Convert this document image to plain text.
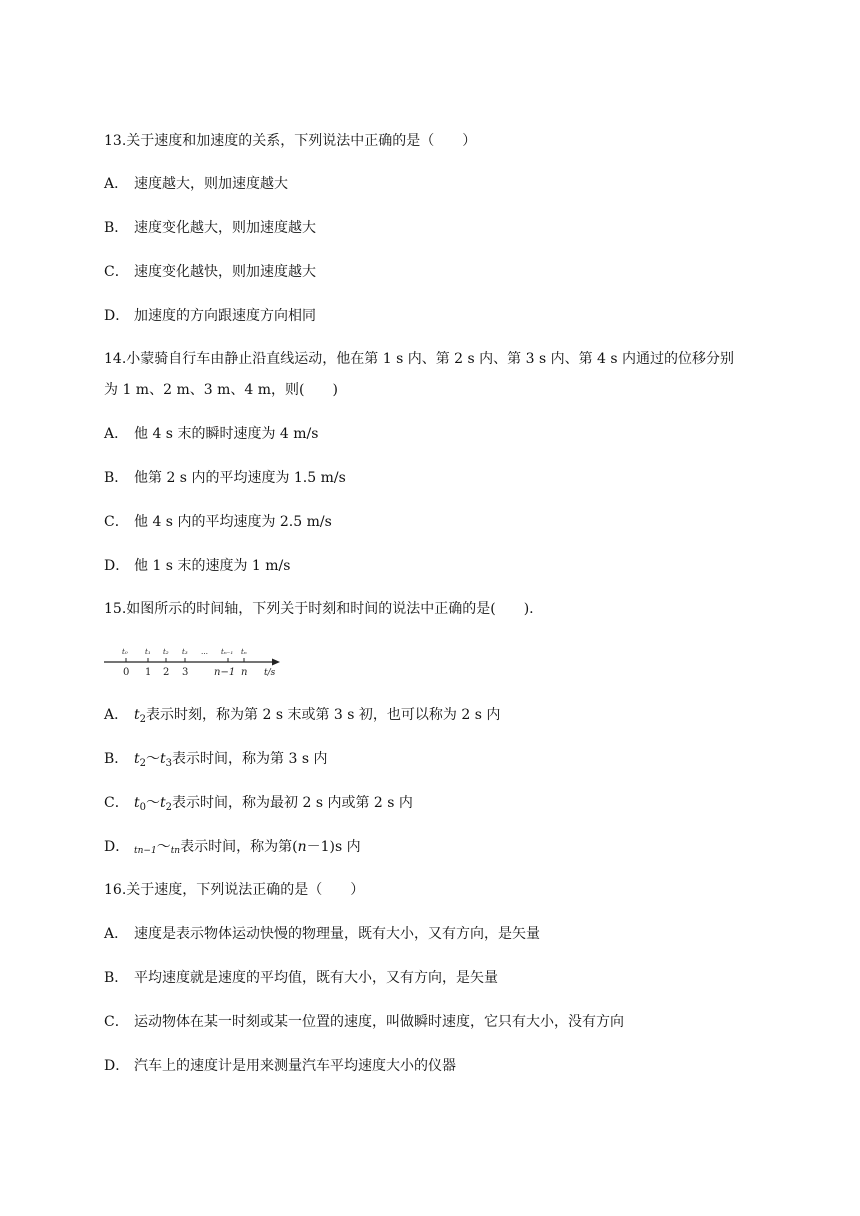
13.关于速度和加速度的关系，下列说法中正确的是（　　）
A． 速度越大，则加速度越大
B． 速度变化越大，则加速度越大
C． 速度变化越快，则加速度越大
D． 加速度的方向跟速度方向相同
14.小蒙骑自行车由静止沿直线运动，他在第 1 s 内、第 2 s 内、第 3 s 内、第 4 s 内通过的位移分别
为 1 m、2 m、3 m、4 m，则(　　)
A． 他 4 s 末的瞬时速度为 4 m/s
B． 他第 2 s 内的平均速度为 1.5 m/s
C． 他 4 s 内的平均速度为 2.5 m/s
D． 他 1 s 末的速度为 1 m/s
15.如图所示的时间轴，下列关于时刻和时间的说法中正确的是(　　).
t₀ t₁ t₂ t₃ … tₙ₋₁ tₙ
0 1 2 3	n−1 n t/s
A． $t_2$表示时刻，称为第 2 s 末或第 3 s 初，也可以称为 2 s 内
B． $t_2\sim t_3$表示时间，称为第 3 s 内
C． $t_0\sim t_2$表示时间，称为最初 2 s 内或第 2 s 内
D． tn−1～tn表示时间，称为第(n－1)s 内
16.关于速度，下列说法正确的是（　　）
A． 速度是表示物体运动快慢的物理量，既有大小，又有方向，是矢量
B． 平均速度就是速度的平均值，既有大小，又有方向，是矢量
C． 运动物体在某一时刻或某一位置的速度，叫做瞬时速度，它只有大小，没有方向
D． 汽车上的速度计是用来测量汽车平均速度大小的仪器
